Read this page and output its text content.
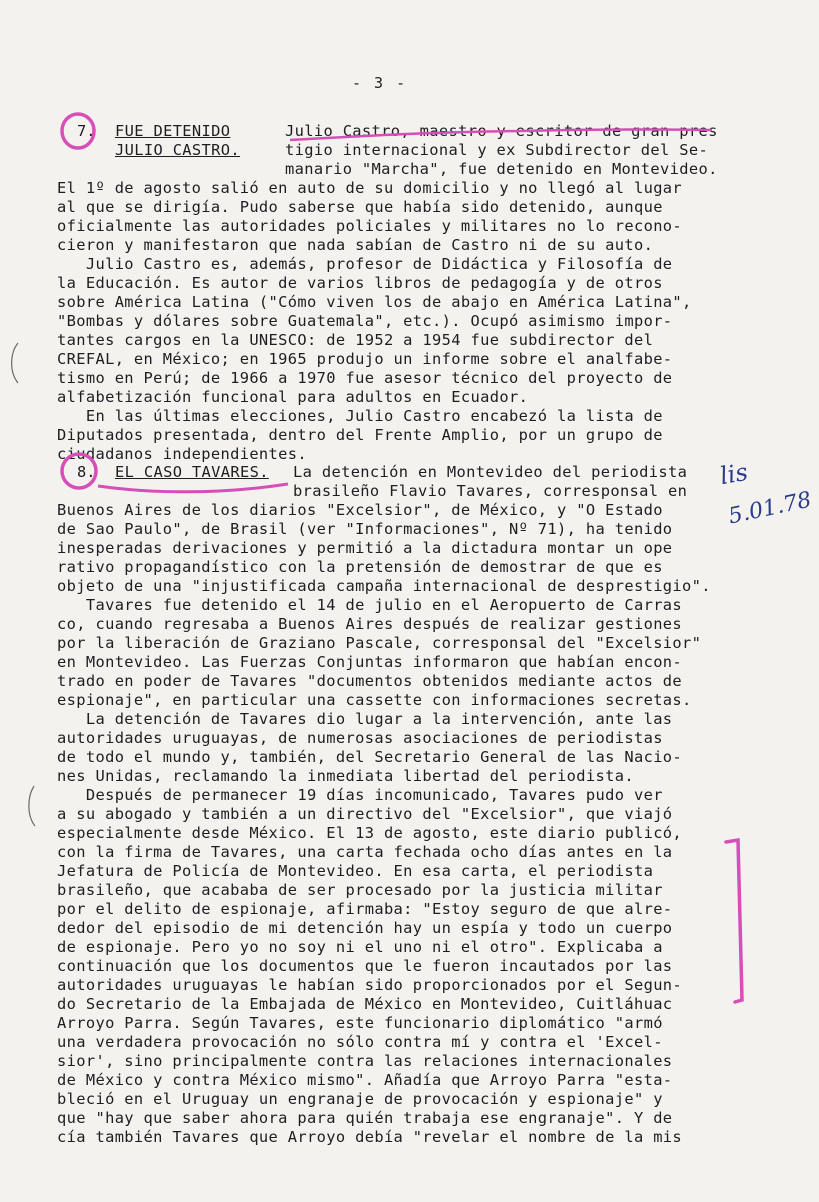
- 3 -
7. FUE DETENIDO
JULIO CASTRO.
Julio Castro, maestro y escritor de gran pres
tigio internacional y ex Subdirector del Se-
manario "Marcha", fue detenido en Montevideo.
El 1º de agosto salió en auto de su domicilio y no llegó al lugar
al que se dirigía. Pudo saberse que había sido detenido, aunque
oficialmente las autoridades policiales y militares no lo recono-
cieron y manifestaron que nada sabían de Castro ni de su auto.
Julio Castro es, además, profesor de Didáctica y Filosofía de
la Educación. Es autor de varios libros de pedagogía y de otros
sobre América Latina ("Cómo viven los de abajo en América Latina",
"Bombas y dólares sobre Guatemala", etc.). Ocupó asimismo impor-
tantes cargos en la UNESCO: de 1952 a 1954 fue subdirector del
CREFAL, en México; en 1965 produjo un informe sobre el analfabe-
tismo en Perú; de 1966 a 1970 fue asesor técnico del proyecto de
alfabetización funcional para adultos en Ecuador.
En las últimas elecciones, Julio Castro encabezó la lista de
Diputados presentada, dentro del Frente Amplio, por un grupo de
ciudadanos independientes.
8. EL CASO TAVARES. La detención en Montevideo del periodista
brasileño Flavio Tavares, corresponsal en
Buenos Aires de los diarios "Excelsior", de México, y "O Estado
de Sao Paulo", de Brasil (ver "Informaciones", Nº 71), ha tenido
inesperadas derivaciones y permitió a la dictadura montar un ope
rativo propagandístico con la pretensión de demostrar de que es
objeto de una "injustificada campaña internacional de desprestigio".
Tavares fue detenido el 14 de julio en el Aeropuerto de Carras
co, cuando regresaba a Buenos Aires después de realizar gestiones
por la liberación de Graziano Pascale, corresponsal del "Excelsior"
en Montevideo. Las Fuerzas Conjuntas informaron que habían encon-
trado en poder de Tavares "documentos obtenidos mediante actos de
espionaje", en particular una cassette con informaciones secretas.
La detención de Tavares dio lugar a la intervención, ante las
autoridades uruguayas, de numerosas asociaciones de periodistas
de todo el mundo y, también, del Secretario General de las Nacio-
nes Unidas, reclamando la inmediata libertad del periodista.
Después de permanecer 19 días incomunicado, Tavares pudo ver
a su abogado y también a un directivo del "Excelsior", que viajó
especialmente desde México. El 13 de agosto, este diario publicó,
con la firma de Tavares, una carta fechada ocho días antes en la
Jefatura de Policía de Montevideo. En esa carta, el periodista
brasileño, que acababa de ser procesado por la justicia militar
por el delito de espionaje, afirmaba: "Estoy seguro de que alre-
dedor del episodio de mi detención hay un espía y todo un cuerpo
de espionaje. Pero yo no soy ni el uno ni el otro". Explicaba a
continuación que los documentos que le fueron incautados por las
autoridades uruguayas le habían sido proporcionados por el Segun-
do Secretario de la Embajada de México en Montevideo, Cuitláhuac
Arroyo Parra. Según Tavares, este funcionario diplomático "armó
una verdadera provocación no sólo contra mí y contra el 'Excel-
sior', sino principalmente contra las relaciones internacionales
de México y contra México mismo". Añadía que Arroyo Parra "esta-
bleció en el Uruguay un engranaje de provocación y espionaje" y
que "hay que saber ahora para quién trabaja ese engranaje". Y de
cía también Tavares que Arroyo debía "revelar el nombre de la mis
lis
5.01.78
